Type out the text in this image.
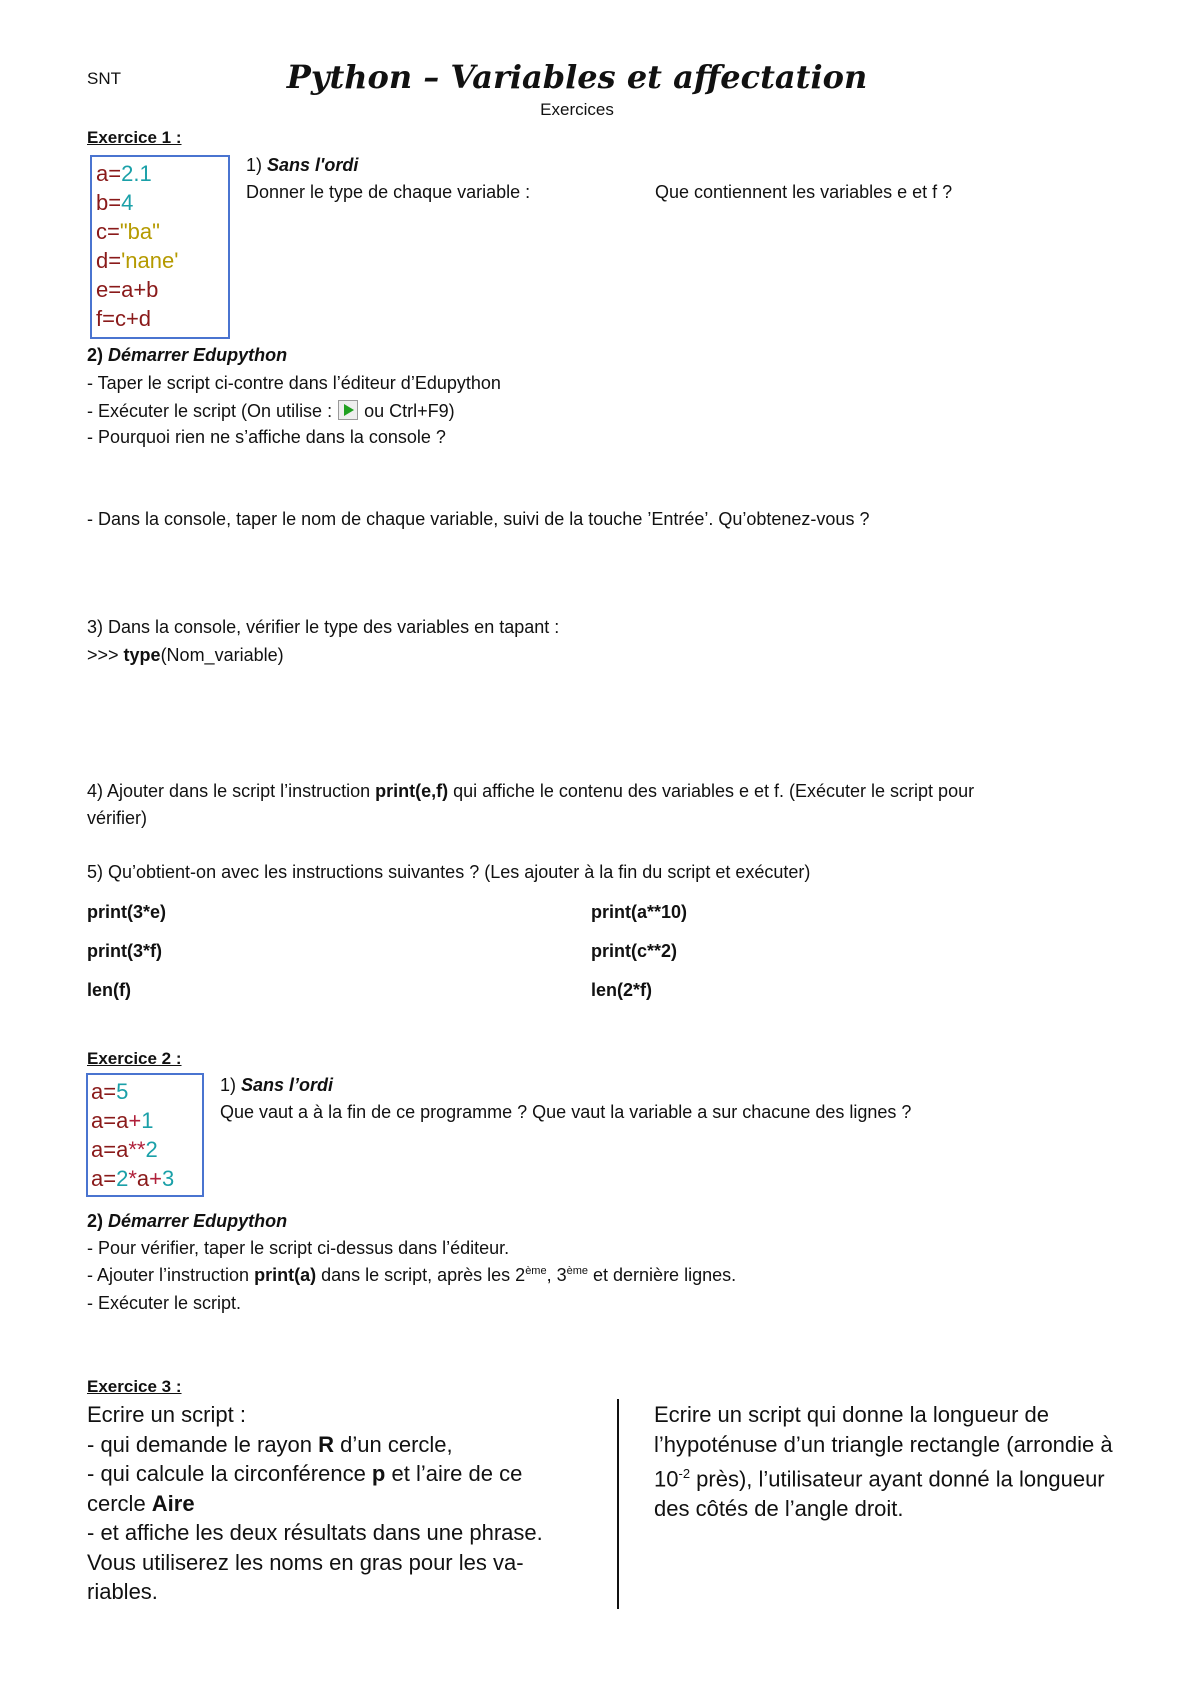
SNT	Python – Variables et affectation
Exercices
Exercice 1 :
a=2.1
b=4
c="ba"
d='nane'
e=a+b
f=c+d
1) Sans l'ordi
Donner le type de chaque variable :	Que contiennent les variables e et f ?
2) Démarrer Edupython
- Taper le script ci-contre dans l’éditeur d’Edupython
- Exécuter le script (On utilise : ou Ctrl+F9)
- Pourquoi rien ne s’affiche dans la console ?
- Dans la console, taper le nom de chaque variable, suivi de la touche ’Entrée’. Qu’obtenez-vous ?
3) Dans la console, vérifier le type des variables en tapant :
>>> type(Nom_variable)
4) Ajouter dans le script l’instruction print(e,f) qui affiche le contenu des variables e et f. (Exécuter le script pour
vérifier)
5) Qu’obtient-on avec les instructions suivantes ? (Les ajouter à la fin du script et exécuter)
print(3*e)
print(3*f)
len(f)
print(a**10)
print(c**2)
len(2*f)
Exercice 2 :
a=5
a=a+1
a=a**2
a=2*a+3
1) Sans l’ordi
Que vaut a à la fin de ce programme ? Que vaut la variable a sur chacune des lignes ?
2) Démarrer Edupython
- Pour vérifier, taper le script ci-dessus dans l’éditeur.
- Ajouter l’instruction print(a) dans le script, après les 2ème, 3ème et dernière lignes.
- Exécuter le script.
Exercice 3 :
Ecrire un script :
- qui demande le rayon R d’un cercle,
- qui calcule la circonférence p et l’aire de ce cercle Aire
- et affiche les deux résultats dans une phrase.
Vous utiliserez les noms en gras pour les va-riables.
Ecrire un script qui donne la longueur de l’hypoténuse d’un triangle rectangle (arrondie à $10^{-2}$ près), l’utilisateur ayant donné la longueur des côtés de l’angle droit.
